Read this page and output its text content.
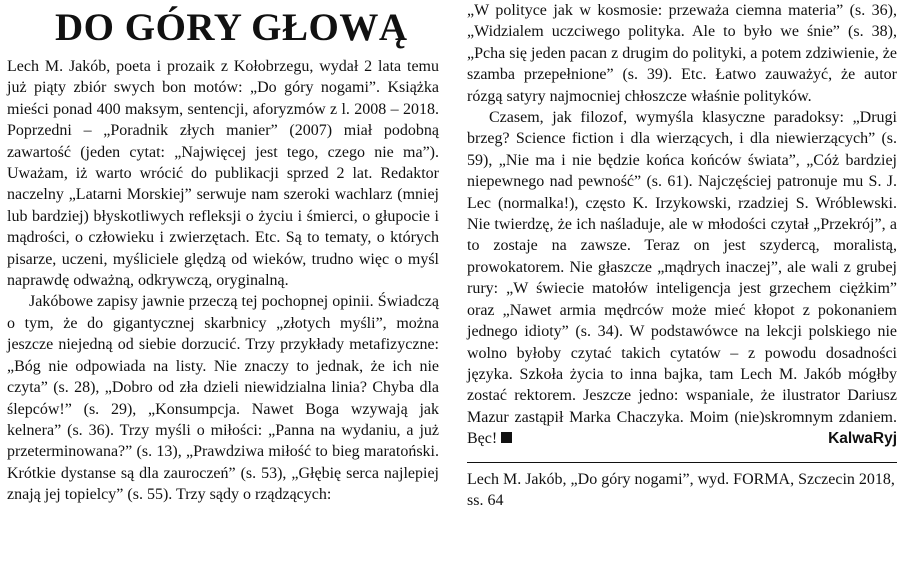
DO GÓRY GŁOWĄ

Lech M. Jakób, poeta i prozaik z Kołobrzegu, wydał 2 lata temu już piąty zbiór swych bon motów: „Do góry nogami”. Książka mieści ponad 400 maksym, sentencji, aforyzmów z l. 2008 – 2018. Poprzedni – „Poradnik złych manier” (2007) miał podobną zawartość (jeden cytat: „Najwięcej jest tego, czego nie ma”). Uważam, iż warto wrócić do publikacji sprzed 2 lat. Redaktor naczelny „Latarni Morskiej” serwuje nam szeroki wachlarz (mniej lub bardziej) błyskotliwych refleksji o życiu i śmierci, o głupocie i mądrości, o człowieku i zwierzętach. Etc. Są to tematy, o których pisarze, uczeni, myśliciele ględzą od wieków, trudno więc o myśl naprawdę odważną, odkrywczą, oryginalną.

Jakóbowe zapisy jawnie przeczą tej pochopnej opinii. Świadczą o tym, że do gigantycznej skarbnicy „złotych myśli”, można jeszcze niejedną od siebie dorzucić. Trzy przykłady metafizyczne: „Bóg nie odpowiada na listy. Nie znaczy to jednak, że ich nie czyta” (s. 28), „Dobro od zła dzieli niewidzialna linia? Chyba dla ślepców!” (s. 29), „Konsumpcja. Nawet Boga wzywają jak kelnera” (s. 36). Trzy myśli o miłości: „Panna na wydaniu, a już przeterminowana?” (s. 13), „Prawdziwa miłość to bieg maratoński. Krótkie dystanse są dla zauroczeń” (s. 53), „Głębię serca najlepiej znają jej topielcy” (s. 55). Trzy sądy o rządzących:

„W polityce jak w kosmosie: przeważa ciemna materia” (s. 36), „Widzialem uczciwego polityka. Ale to było we śnie” (s. 38), „Pcha się jeden pacan z drugim do polityki, a potem zdziwienie, że szamba przepełnione” (s. 39). Etc. Łatwo zauważyć, że autor rózgą satyry najmocniej chłoszcze właśnie polityków.

Czasem, jak filozof, wymyśla klasyczne paradoksy: „Drugi brzeg? Science fiction i dla wierzących, i dla niewierzących” (s. 59), „Nie ma i nie będzie końca końców świata”, „Cóż bardziej niepewnego nad pewność” (s. 61). Najczęściej patronuje mu S. J. Lec (normalka!), często K. Irzykowski, rzadziej S. Wróblewski. Nie twierdzę, że ich naśladuje, ale w młodości czytał „Przekrój”, a to zostaje na zawsze. Teraz on jest szydercą, moralistą, prowokatorem. Nie głaszcze „mądrych inaczej”, ale wali z grubej rury: „W świecie matołów inteligencja jest grzechem ciężkim” oraz „Nawet armia mędrców może mieć kłopot z pokonaniem jednego idioty” (s. 34). W podstawówce na lekcji polskiego nie wolno byłoby czytać takich cytatów – z powodu dosadności języka. Szkoła życia to inna bajka, tam Lech M. Jakób mógłby zostać rektorem. Jeszcze jedno: wspaniale, że ilustrator Dariusz Mazur zastąpił Marka Chaczyka. Moim (nie)skromnym zdaniem. Bęc!	KalwaRyj

Lech M. Jakób, „Do góry nogami”, wyd. FORMA, Szczecin 2018, ss. 64
